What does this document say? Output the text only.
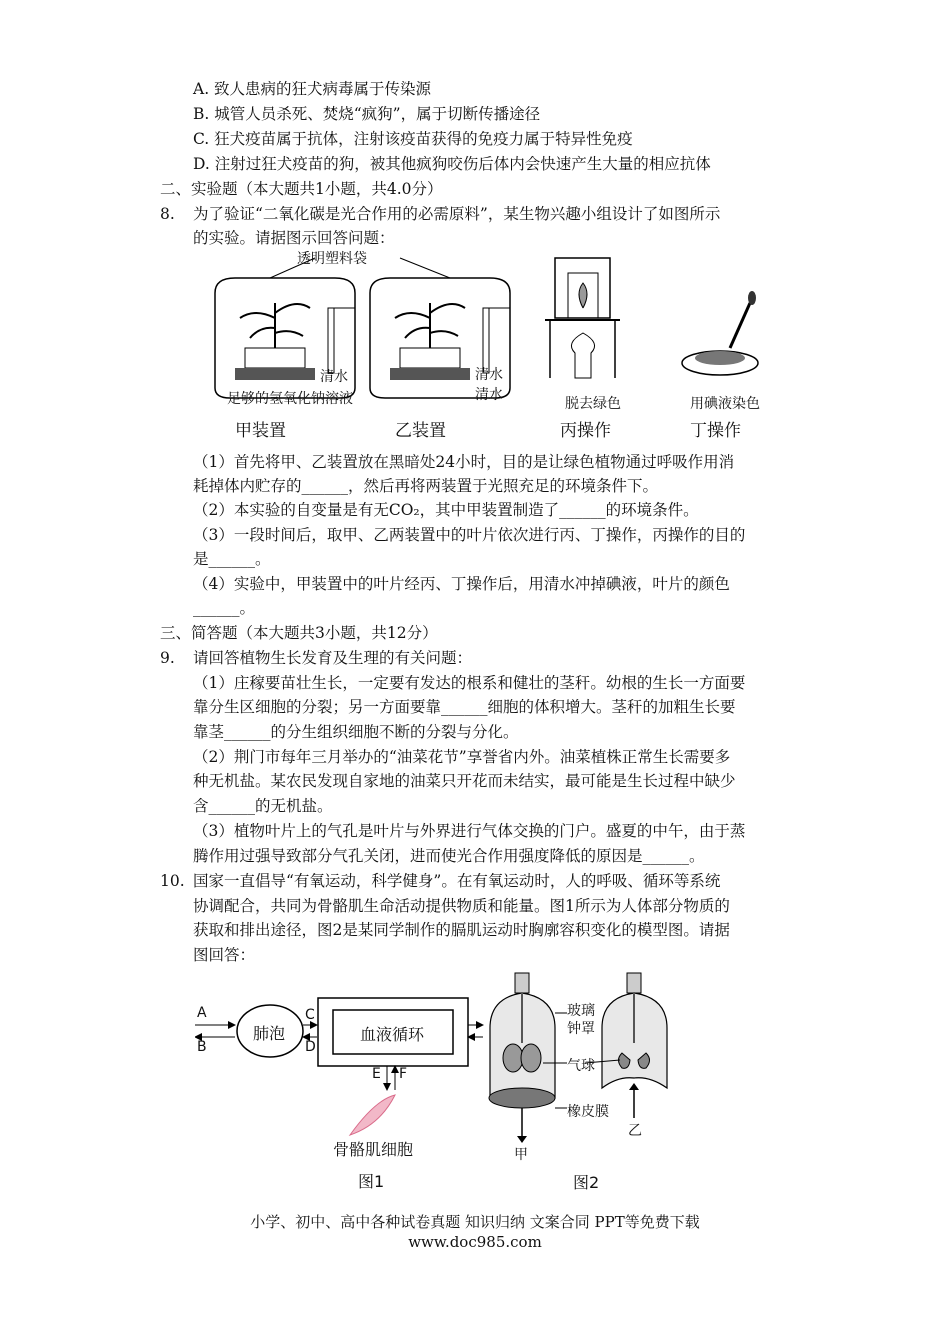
A. 致人患病的狂犬病毒属于传染源
B. 城管人员杀死、焚烧“疯狗”，属于切断传播途径
C. 狂犬疫苗属于抗体，注射该疫苗获得的免疫力属于特异性免疫
D. 注射过狂犬疫苗的狗，被其他疯狗咬伤后体内会快速产生大量的相应抗体
二、实验题（本大题共1小题，共4.0分）
8. 为了验证“二氧化碳是光合作用的必需原料”，某生物兴趣小组设计了如图所示
的实验。请据图示回答问题：
透明塑料袋
清水	清水
清水
足够的氢氧化钠溶液	脱去绿色	用碘液染色
甲装置	乙装置	丙操作	丁操作
（1）首先将甲、乙装置放在黑暗处24小时，目的是让绿色植物通过呼吸作用消
耗掉体内贮存的______，然后再将两装置于光照充足的环境条件下。
（2）本实验的自变量是有无CO₂，其中甲装置制造了______的环境条件。
（3）一段时间后，取甲、乙两装置中的叶片依次进行丙、丁操作，丙操作的目的
是______。
（4）实验中，甲装置中的叶片经丙、丁操作后，用清水冲掉碘液，叶片的颜色
______。
三、简答题（本大题共3小题，共12分）
9. 请回答植物生长发育及生理的有关问题：
（1）庄稼要苗壮生长，一定要有发达的根系和健壮的茎秆。幼根的生长一方面要
靠分生区细胞的分裂；另一方面要靠______细胞的体积增大。茎秆的加粗生长要
靠茎______的分生组织细胞不断的分裂与分化。
（2）荆门市每年三月举办的“油菜花节”享誉省内外。油菜植株正常生长需要多
种无机盐。某农民发现自家地的油菜只开花而未结实，最可能是生长过程中缺少
含______的无机盐。
（3）植物叶片上的气孔是叶片与外界进行气体交换的门户。盛夏的中午，由于蒸
腾作用过强导致部分气孔关闭，进而使光合作用强度降低的原因是______。
10. 国家一直倡导“有氧运动，科学健身”。在有氧运动时，人的呼吸、循环等系统
协调配合，共同为骨骼肌生命活动提供物质和能量。图1所示为人体部分物质的
获取和排出途径，图2是某同学制作的膈肌运动时胸廓容积变化的模型图。请据
图回答：
A
B
C
D
肺泡	血液循环
E F
骨骼肌细胞
图1
玻璃
钟罩
气球
橡皮膜
甲
乙
图2
小学、初中、高中各种试卷真题 知识归纳 文案合同 PPT等免费下载
www.doc985.com
